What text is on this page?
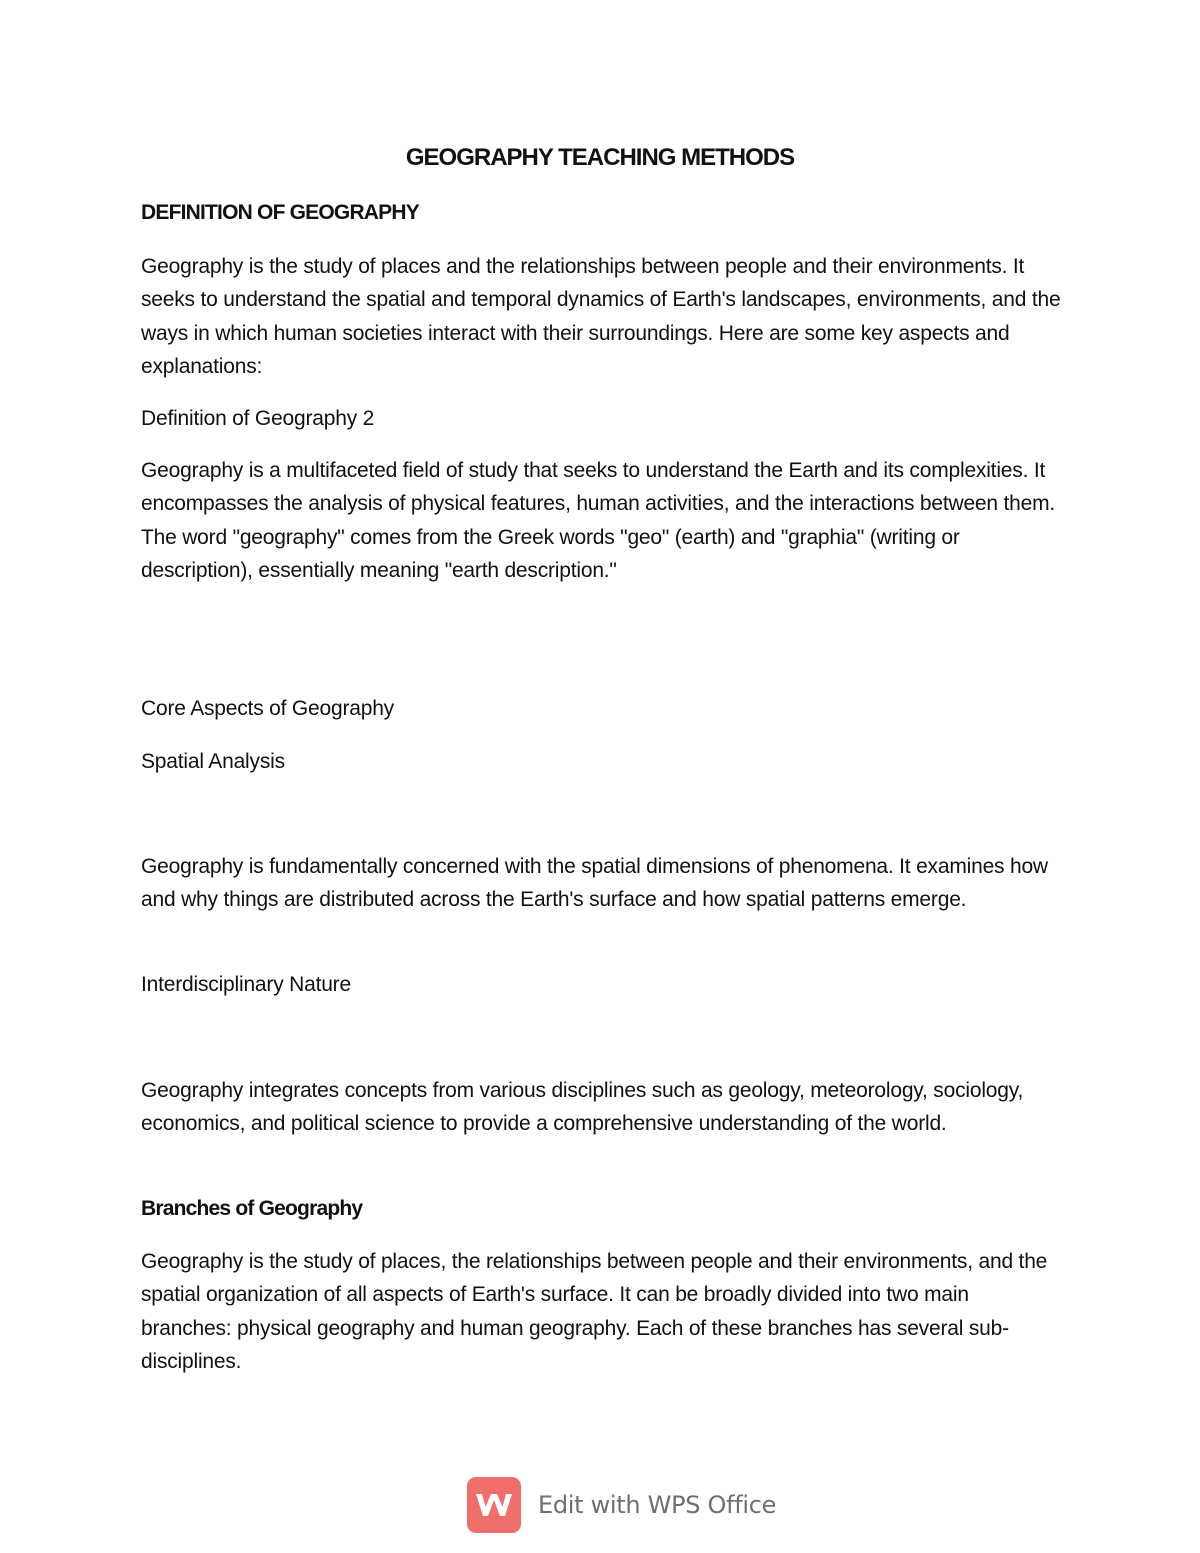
GEOGRAPHY TEACHING METHODS

DEFINITION OF GEOGRAPHY

Geography is the study of places and the relationships between people and their environments. It seeks to understand the spatial and temporal dynamics of Earth's landscapes, environments, and the ways in which human societies interact with their surroundings. Here are some key aspects and explanations:

Definition of Geography 2

Geography is a multifaceted field of study that seeks to understand the Earth and its complexities. It encompasses the analysis of physical features, human activities, and the interactions between them. The word "geography" comes from the Greek words "geo" (earth) and "graphia" (writing or description), essentially meaning "earth description."

Core Aspects of Geography

Spatial Analysis

Geography is fundamentally concerned with the spatial dimensions of phenomena. It examines how and why things are distributed across the Earth's surface and how spatial patterns emerge.

Interdisciplinary Nature

Geography integrates concepts from various disciplines such as geology, meteorology, sociology, economics, and political science to provide a comprehensive understanding of the world.

Branches of Geography

Geography is the study of places, the relationships between people and their environments, and the spatial organization of all aspects of Earth's surface. It can be broadly divided into two main branches: physical geography and human geography. Each of these branches has several sub-disciplines.

Edit with WPS Office
